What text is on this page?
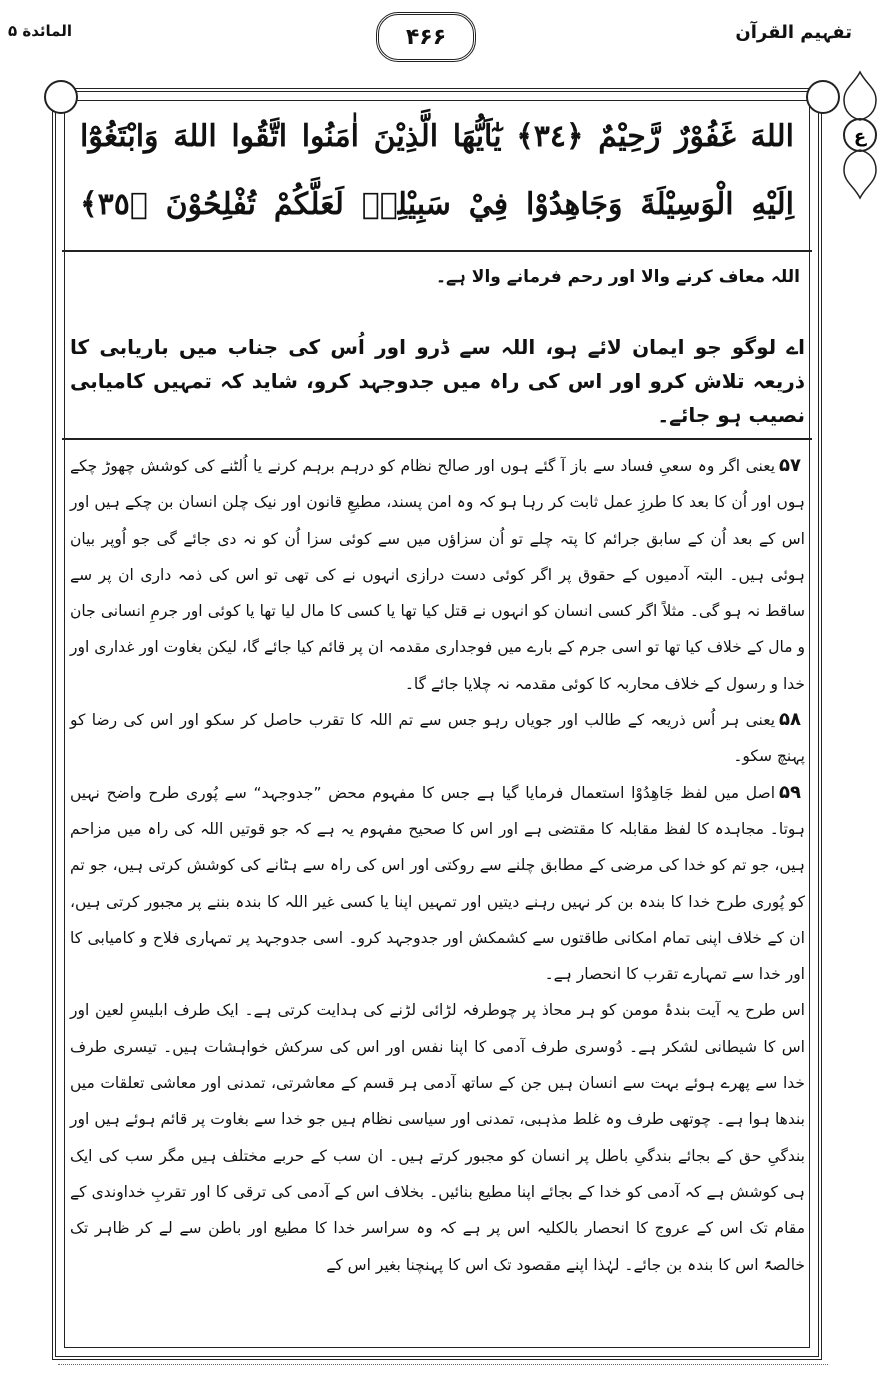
المائدة ۵	۴۶۶	تفہیم القرآن
ع
اللهَ غَفُوْرٌ رَّحِيْمٌ ﴿٣٤﴾ يٰٓاَيُّهَا الَّذِيْنَ اٰمَنُوا اتَّقُوا اللهَ وَابْتَغُوْٓا
اِلَيْهِ الْوَسِيْلَةَ وَجَاهِدُوْا فِيْ سَبِيْلِهٖ لَعَلَّكُمْ تُفْلِحُوْنَ ﴿٣٥﴾
اللہ معاف کرنے والا اور رحم فرمانے والا ہے۔
اے لوگو جو ایمان لائے ہو، اللہ سے ڈرو اور اُس کی جناب میں باریابی کا ذریعہ تلاش کرو اور اس کی راہ میں جدوجہد کرو، شاید کہ تمہیں کامیابی نصیب ہو جائے۔

۵۷یعنی اگر وہ سعیِ فساد سے باز آ گئے ہوں اور صالح نظام کو درہم برہم کرنے یا اُلٹنے کی کوشش چھوڑ چکے ہوں اور اُن کا بعد کا طرزِ عمل ثابت کر رہا ہو کہ وہ امن پسند، مطیعِ قانون اور نیک چلن انسان بن چکے ہیں اور اس کے بعد اُن کے سابق جرائم کا پتہ چلے تو اُن سزاؤں میں سے کوئی سزا اُن کو نہ دی جائے گی جو اُوپر بیان ہوئی ہیں۔ البتہ آدمیوں کے حقوق پر اگر کوئی دست درازی انہوں نے کی تھی تو اس کی ذمہ داری ان پر سے ساقط نہ ہو گی۔ مثلاً اگر کسی انسان کو انہوں نے قتل کیا تھا یا کسی کا مال لیا تھا یا کوئی اور جرمِ انسانی جان و مال کے خلاف کیا تھا تو اسی جرم کے بارے میں فوجداری مقدمہ ان پر قائم کیا جائے گا، لیکن بغاوت اور غداری اور خدا و رسول کے خلاف محاربہ کا کوئی مقدمہ نہ چلایا جائے گا۔

۵۸یعنی ہر اُس ذریعہ کے طالب اور جویاں رہو جس سے تم اللہ کا تقرب حاصل کر سکو اور اس کی رضا کو پہنچ سکو۔

۵۹اصل میں لفظ جَاهِدُوْا استعمال فرمایا گیا ہے جس کا مفہوم محض ”جدوجہد“ سے پُوری طرح واضح نہیں ہوتا۔ مجاہدہ کا لفظ مقابلہ کا مقتضی ہے اور اس کا صحیح مفہوم یہ ہے کہ جو قوتیں اللہ کی راہ میں مزاحم ہیں، جو تم کو خدا کی مرضی کے مطابق چلنے سے روکتی اور اس کی راہ سے ہٹانے کی کوشش کرتی ہیں، جو تم کو پُوری طرح خدا کا بندہ بن کر نہیں رہنے دیتیں اور تمہیں اپنا یا کسی غیر اللہ کا بندہ بننے پر مجبور کرتی ہیں، ان کے خلاف اپنی تمام امکانی طاقتوں سے کشمکش اور جدوجہد کرو۔ اسی جدوجہد پر تمہاری فلاح و کامیابی کا اور خدا سے تمہارے تقرب کا انحصار ہے۔

اس طرح یہ آیت بندۂ مومن کو ہر محاذ پر چوطرفہ لڑائی لڑنے کی ہدایت کرتی ہے۔ ایک طرف ابلیسِ لعین اور اس کا شیطانی لشکر ہے۔ دُوسری طرف آدمی کا اپنا نفس اور اس کی سرکش خواہشات ہیں۔ تیسری طرف خدا سے پھرے ہوئے بہت سے انسان ہیں جن کے ساتھ آدمی ہر قسم کے معاشرتی، تمدنی اور معاشی تعلقات میں بندھا ہوا ہے۔ چوتھی طرف وہ غلط مذہبی، تمدنی اور سیاسی نظام ہیں جو خدا سے بغاوت پر قائم ہوئے ہیں اور بندگیِ حق کے بجائے بندگیِ باطل پر انسان کو مجبور کرتے ہیں۔ ان سب کے حربے مختلف ہیں مگر سب کی ایک ہی کوشش ہے کہ آدمی کو خدا کے بجائے اپنا مطیع بنائیں۔ بخلاف اس کے آدمی کی ترقی کا اور تقربِ خداوندی کے مقام تک اس کے عروج کا انحصار بالکلیہ اس پر ہے کہ وہ سراسر خدا کا مطیع اور باطن سے لے کر ظاہر تک خالصۃً اس کا بندہ بن جائے۔ لہٰذا اپنے مقصود تک اس کا پہنچنا بغیر اس کے
